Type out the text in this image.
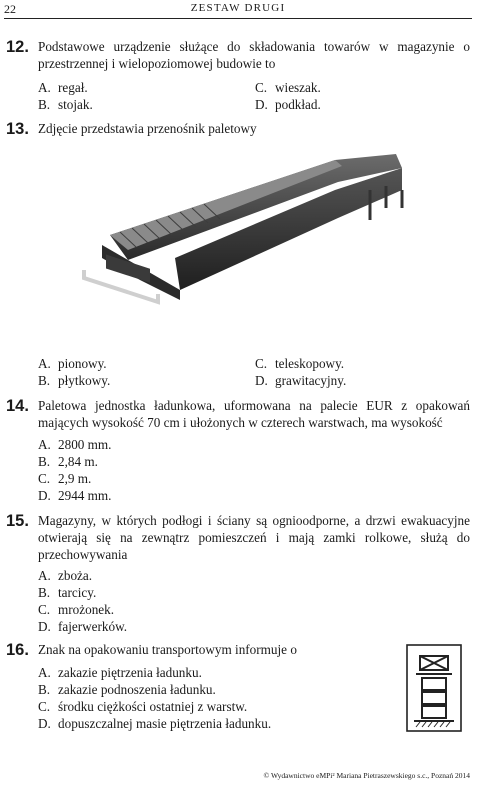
22	ZESTAW DRUGI
12. Podstawowe urządzenie służące do składowania towarów w magazynie o przestrzennej i wielopoziomowej budowie to
A. regał.
B. stojak.
C. wieszak.
D. podkład.
13. Zdjęcie przedstawia przenośnik paletowy
A. pionowy.
B. płytkowy.
C. teleskopowy.
D. grawitacyjny.
14. Paletowa jednostka ładunkowa, uformowana na palecie EUR z opakowań mających wysokość 70 cm i ułożonych w czterech warstwach, ma wysokość
A. 2800 mm.
B. 2,84 m.
C. 2,9 m.
D. 2944 mm.
15. Magazyny, w których podłogi i ściany są ognioodporne, a drzwi ewakuacyjne otwierają się na zewnątrz pomieszczeń i mają zamki rolkowe, służą do przechowywania
A. zboża.
B. tarcicy.
C. mrożonek.
D. fajerwerków.
16. Znak na opakowaniu transportowym informuje o
A. zakazie piętrzenia ładunku.
B. zakazie podnoszenia ładunku.
C. środku ciężkości ostatniej z warstw.
D. dopuszczalnej masie piętrzenia ładunku.
© Wydawnictwo eMPi² Mariana Pietraszewskiego s.c., Poznań 2014
